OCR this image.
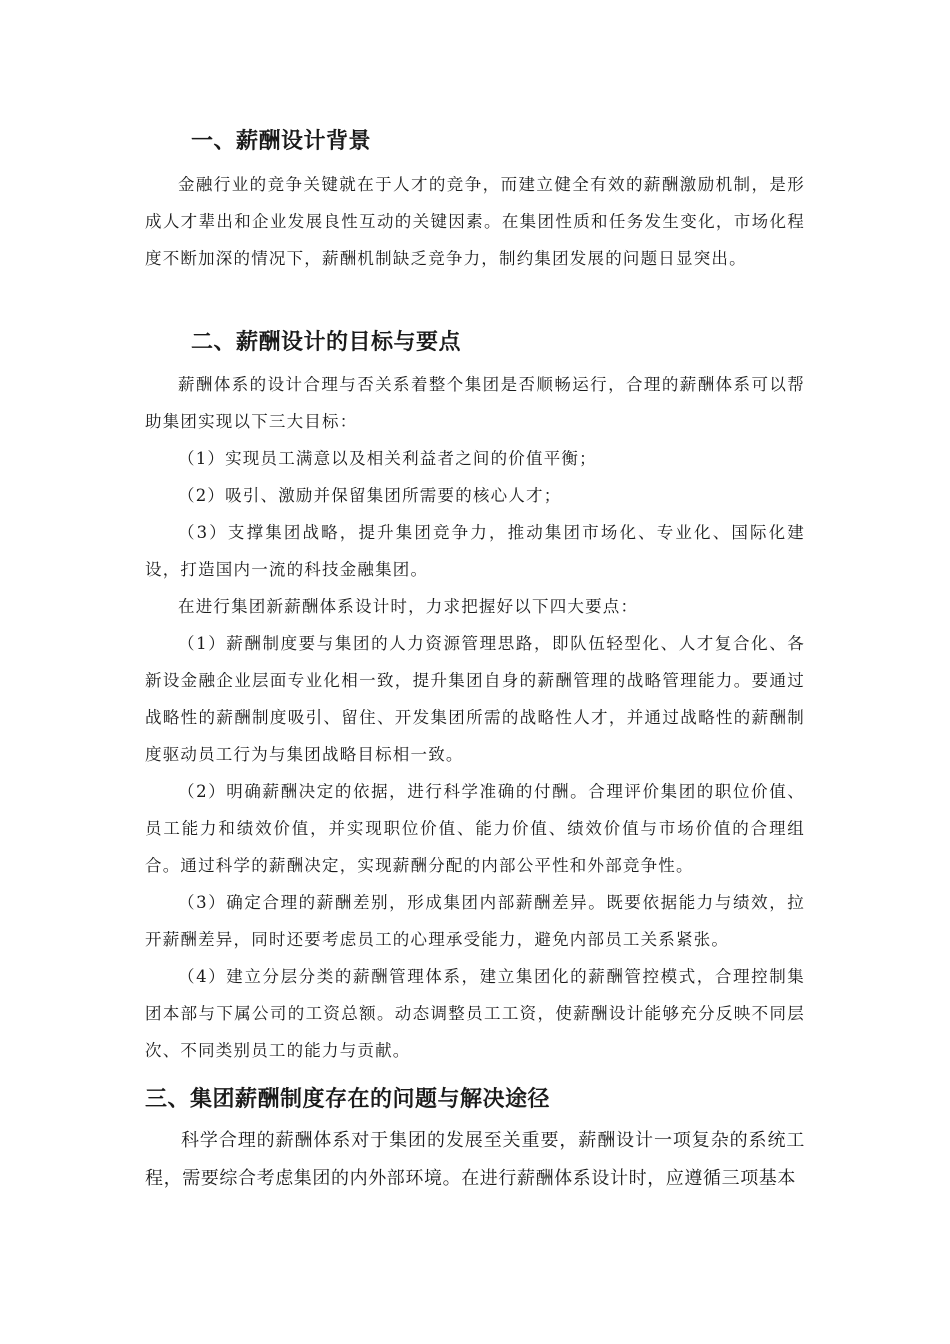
一、薪酬设计背景

金融行业的竞争关键就在于人才的竞争，而建立健全有效的薪酬激励机制，是形成人才辈出和企业发展良性互动的关键因素。在集团性质和任务发生变化，市场化程度不断加深的情况下，薪酬机制缺乏竞争力，制约集团发展的问题日显突出。

二、薪酬设计的目标与要点

薪酬体系的设计合理与否关系着整个集团是否顺畅运行，合理的薪酬体系可以帮助集团实现以下三大目标：

（1）实现员工满意以及相关利益者之间的价值平衡；

（2）吸引、激励并保留集团所需要的核心人才；

（3）支撑集团战略，提升集团竞争力，推动集团市场化、专业化、国际化建设，打造国内一流的科技金融集团。

在进行集团新薪酬体系设计时，力求把握好以下四大要点：

（1）薪酬制度要与集团的人力资源管理思路，即队伍轻型化、人才复合化、各新设金融企业层面专业化相一致，提升集团自身的薪酬管理的战略管理能力。要通过战略性的薪酬制度吸引、留住、开发集团所需的战略性人才，并通过战略性的薪酬制度驱动员工行为与集团战略目标相一致。

（2）明确薪酬决定的依据，进行科学准确的付酬。合理评价集团的职位价值、员工能力和绩效价值，并实现职位价值、能力价值、绩效价值与市场价值的合理组合。通过科学的薪酬决定，实现薪酬分配的内部公平性和外部竞争性。

（3）确定合理的薪酬差别，形成集团内部薪酬差异。既要依据能力与绩效，拉开薪酬差异，同时还要考虑员工的心理承受能力，避免内部员工关系紧张。

（4）建立分层分类的薪酬管理体系，建立集团化的薪酬管控模式，合理控制集团本部与下属公司的工资总额。动态调整员工工资，使薪酬设计能够充分反映不同层次、不同类别员工的能力与贡献。

三、集团薪酬制度存在的问题与解决途径

科学合理的薪酬体系对于集团的发展至关重要，薪酬设计一项复杂的系统工程，需要综合考虑集团的内外部环境。在进行薪酬体系设计时，应遵循三项基本
